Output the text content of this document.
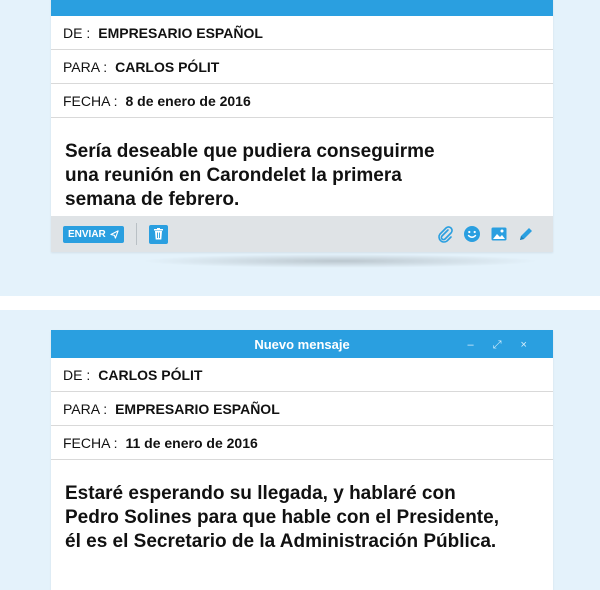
DE : EMPRESARIO ESPAÑOL
PARA : CARLOS PÓLIT
FECHA : 8 de enero de 2016
Sería deseable que pudiera conseguirme
una reunión en Carondelet la primera
semana de febrero.
ENVIAR
Nuevo mensaje	– ⤢ ×
DE : CARLOS PÓLIT
PARA : EMPRESARIO ESPAÑOL
FECHA : 11 de enero de 2016
Estaré esperando su llegada, y hablaré con
Pedro Solines para que hable con el Presidente,
él es el Secretario de la Administración Pública.
